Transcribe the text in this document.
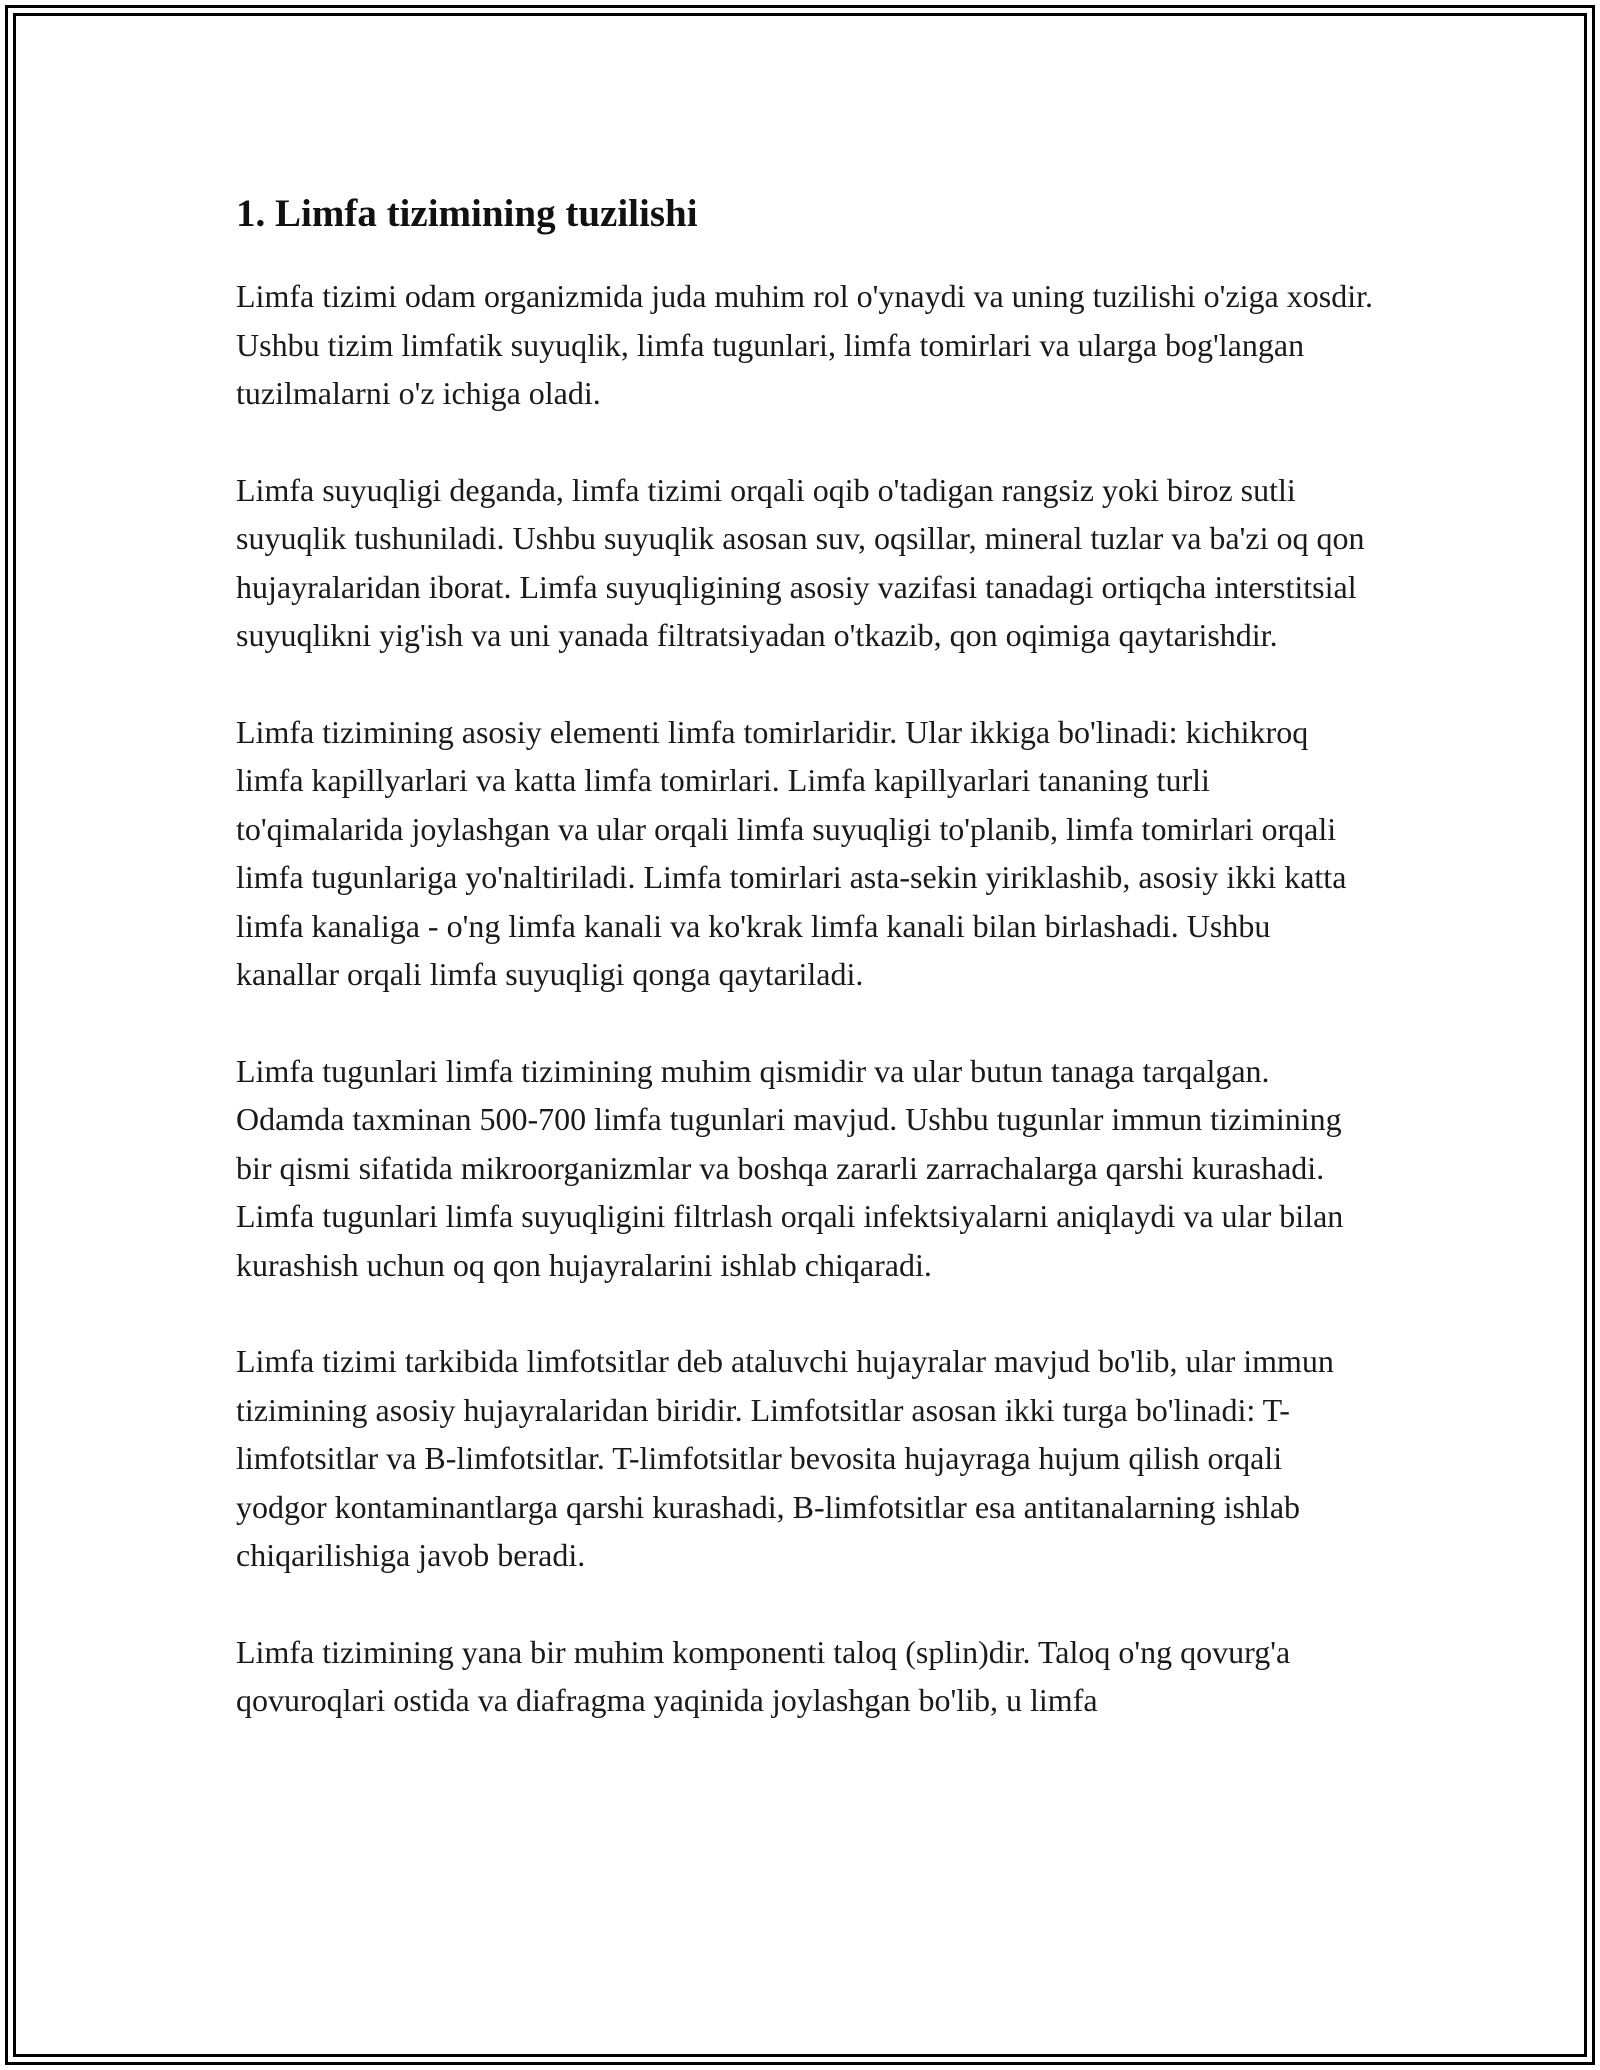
1. Limfa tizimining tuzilishi

Limfa tizimi odam organizmida juda muhim rol o'ynaydi va uning tuzilishi o'ziga xosdir. Ushbu tizim limfatik suyuqlik, limfa tugunlari, limfa tomirlari va ularga bog'langan tuzilmalarni o'z ichiga oladi.

Limfa suyuqligi deganda, limfa tizimi orqali oqib o'tadigan rangsiz yoki biroz sutli suyuqlik tushuniladi. Ushbu suyuqlik asosan suv, oqsillar, mineral tuzlar va ba'zi oq qon hujayralaridan iborat. Limfa suyuqligining asosiy vazifasi tanadagi ortiqcha interstitsial suyuqlikni yig'ish va uni yanada filtratsiyadan o'tkazib, qon oqimiga qaytarishdir.

Limfa tizimining asosiy elementi limfa tomirlaridir. Ular ikkiga bo'linadi: kichikroq limfa kapillyarlari va katta limfa tomirlari. Limfa kapillyarlari tananing turli to'qimalarida joylashgan va ular orqali limfa suyuqligi to'planib, limfa tomirlari orqali limfa tugunlariga yo'naltiriladi. Limfa tomirlari asta-sekin yiriklashib, asosiy ikki katta limfa kanaliga - o'ng limfa kanali va ko'krak limfa kanali bilan birlashadi. Ushbu kanallar orqali limfa suyuqligi qonga qaytariladi.

Limfa tugunlari limfa tizimining muhim qismidir va ular butun tanaga tarqalgan. Odamda taxminan 500-700 limfa tugunlari mavjud. Ushbu tugunlar immun tizimining bir qismi sifatida mikroorganizmlar va boshqa zararli zarrachalarga qarshi kurashadi. Limfa tugunlari limfa suyuqligini filtrlash orqali infektsiyalarni aniqlaydi va ular bilan kurashish uchun oq qon hujayralarini ishlab chiqaradi.

Limfa tizimi tarkibida limfotsitlar deb ataluvchi hujayralar mavjud bo'lib, ular immun tizimining asosiy hujayralaridan biridir. Limfotsitlar asosan ikki turga bo'linadi: T-limfotsitlar va B-limfotsitlar. T-limfotsitlar bevosita hujayraga hujum qilish orqali yodgor kontaminantlarga qarshi kurashadi, B-limfotsitlar esa antitanalarning ishlab chiqarilishiga javob beradi.

Limfa tizimining yana bir muhim komponenti taloq (splin)dir. Taloq o'ng qovurg'a qovuroqlari ostida va diafragma yaqinida joylashgan bo'lib, u limfa
